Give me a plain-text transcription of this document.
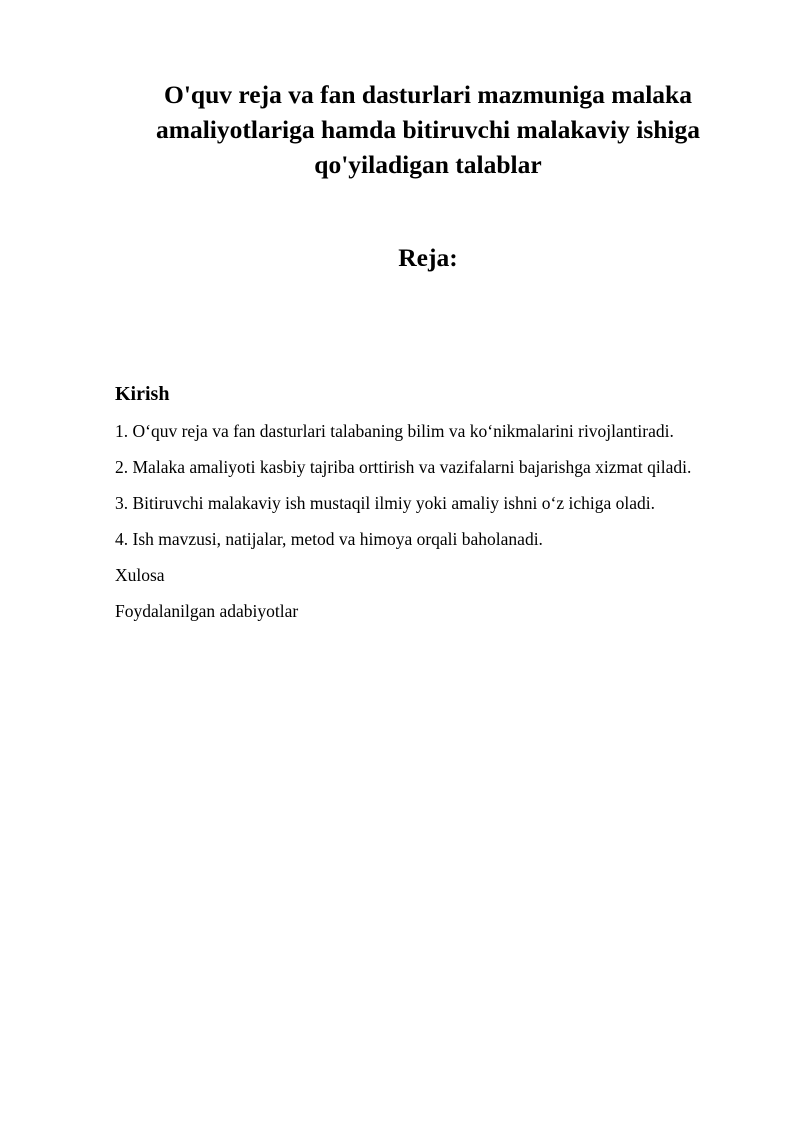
O'quv reja va fan dasturlari mazmuniga malaka amaliyotlariga hamda bitiruvchi malakaviy ishiga qo'yiladigan talablar
Reja:
Kirish
1. O‘quv reja va fan dasturlari talabaning bilim va ko‘nikmalarini rivojlantiradi.
2. Malaka amaliyoti kasbiy tajriba orttirish va vazifalarni bajarishga xizmat qiladi.
3. Bitiruvchi malakaviy ish mustaqil ilmiy yoki amaliy ishni o‘z ichiga oladi.
4. Ish mavzusi, natijalar, metod va himoya orqali baholanadi.
Xulosa
Foydalanilgan adabiyotlar
